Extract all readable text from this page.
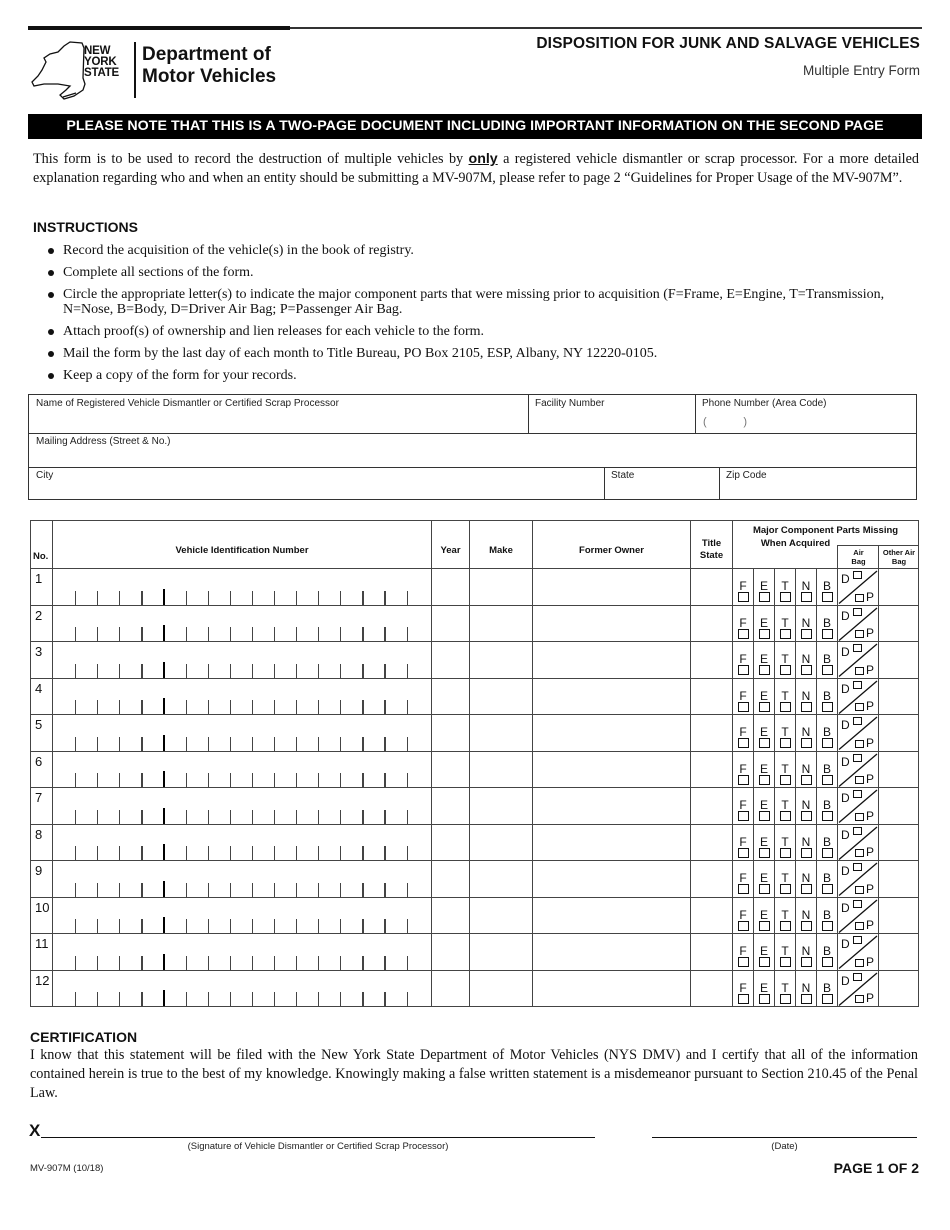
NEW
YORK
STATE
Department of
Motor Vehicles
DISPOSITION FOR JUNK AND SALVAGE VEHICLES
Multiple Entry Form
PLEASE NOTE THAT THIS IS A TWO-PAGE DOCUMENT INCLUDING IMPORTANT INFORMATION ON THE SECOND PAGE
This form is to be used to record the destruction of multiple vehicles by only a registered vehicle dismantler or scrap processor. For a more detailed explanation regarding who and when an entity should be submitting a MV-907M, please refer to page 2 “Guidelines for Proper Usage of the MV-907M”.
INSTRUCTIONS
Record the acquisition of the vehicle(s) in the book of registry.
Complete all sections of the form.
Circle the appropriate letter(s) to indicate the major component parts that were missing prior to acquisition (F=Frame, E=Engine, T=Transmission, N=Nose, B=Body, D=Driver Air Bag; P=Passenger Air Bag.
Attach proof(s) of ownership and lien releases for each vehicle to the form.
Mail the form by the last day of each month to Title Bureau, PO Box 2105, ESP, Albany, NY 12220-0105.
Keep a copy of the form for your records.
Name of Registered Vehicle Dismantler or Certified Scrap Processor	Facility Number	Phone Number (Area Code)
( )
Mailing Address (Street & No.)
City	State	Zip Code
No.	Vehicle Identification Number	Year	Make	Former Owner	Title State	Major Component Parts Missing
When Acquired
Air Bag
Other Air Bag						

1						F	E	T	N	B	D
P

2						F	E	T	N	B	D
P

3						F	E	T	N	B	D
P

4						F	E	T	N	B	D
P

5						F	E	T	N	B	D
P

6						F	E	T	N	B	D
P

7						F	E	T	N	B	D
P

8						F	E	T	N	B	D
P

9						F	E	T	N	B	D
P

10						F	E	T	N	B	D
P

11						F	E	T	N	B	D
P

12						F	E	T	N	B	D
P

CERTIFICATION
I know that this statement will be filed with the New York State Department of Motor Vehicles (NYS DMV) and I certify that all of the information contained herein is true to the best of my knowledge. Knowingly making a false written statement is a misdemeanor pursuant to Section 210.45 of the Penal Law.
X
(Signature of Vehicle Dismantler or Certified Scrap Processor)	(Date)
MV-907M (10/18)	PAGE 1 OF 2
